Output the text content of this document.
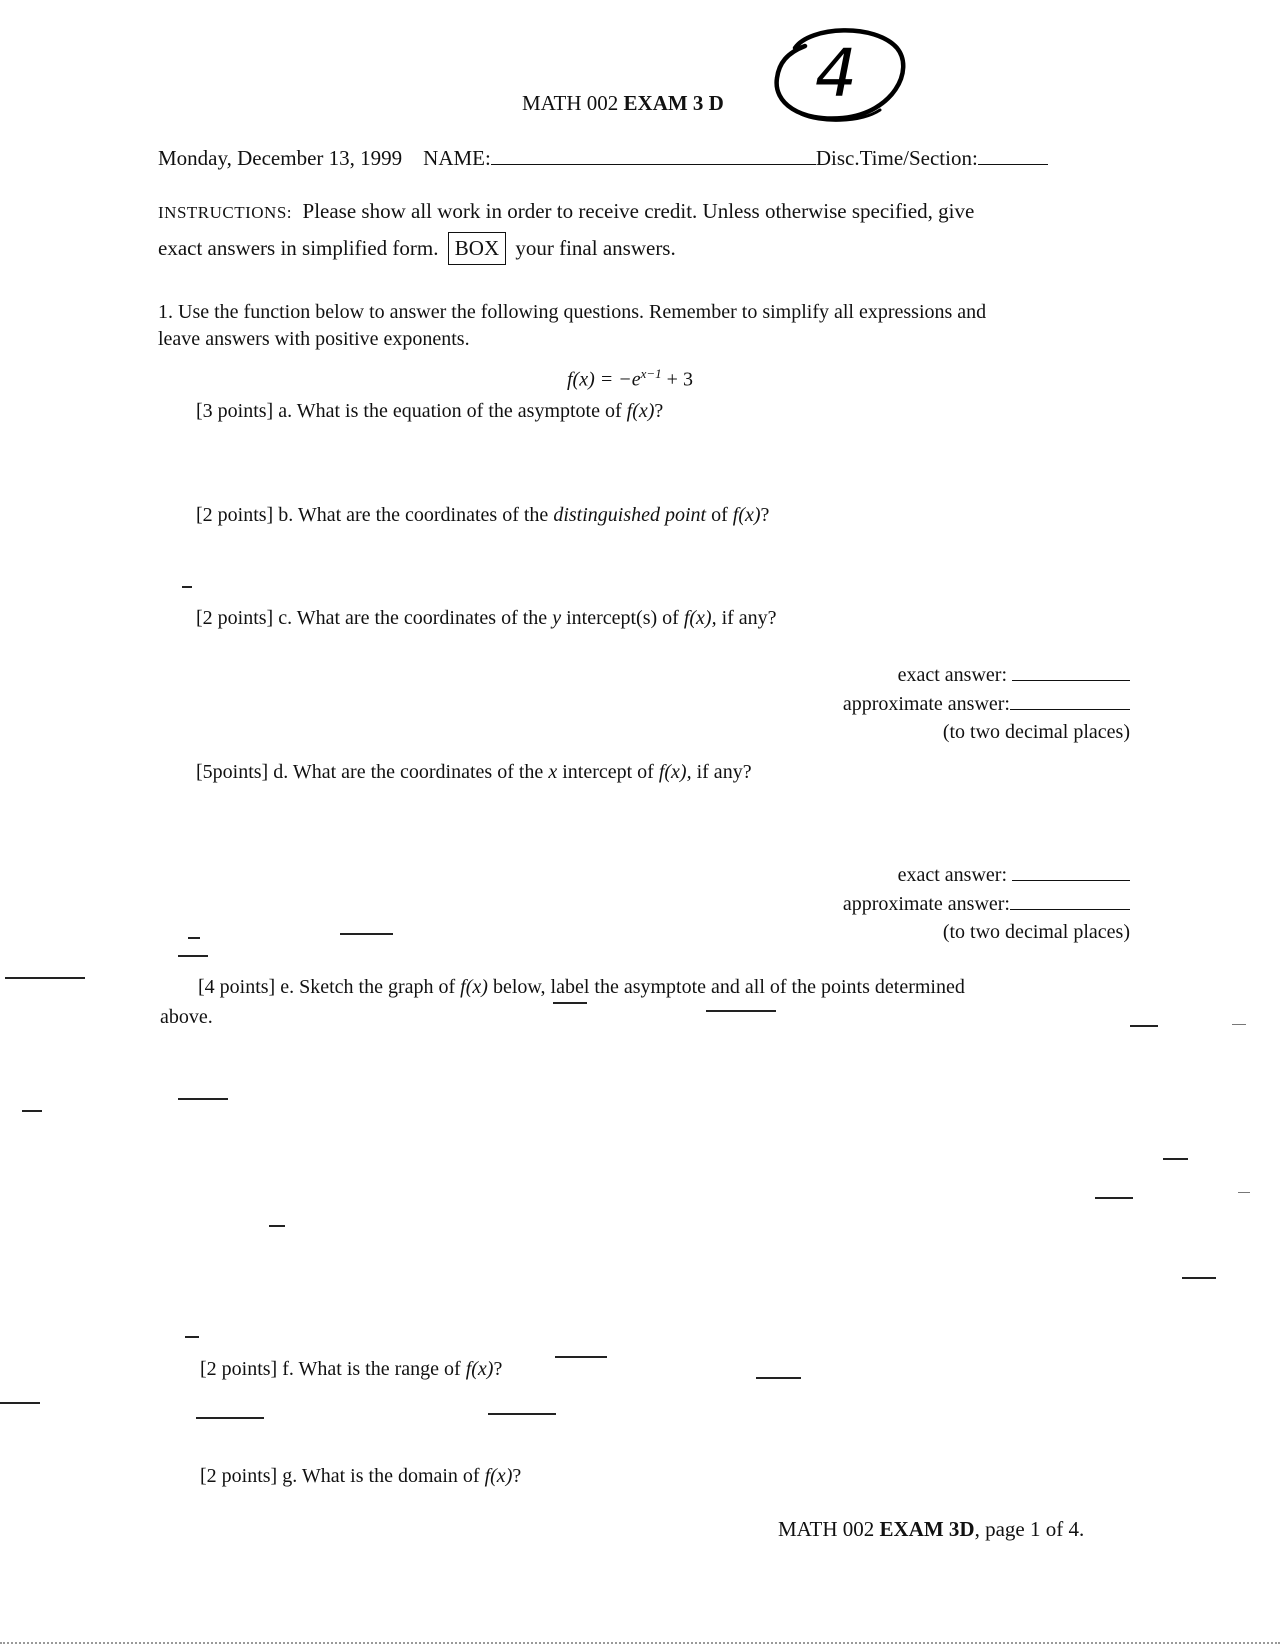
MATH 002 EXAM 3 D 4
Monday, December 13, 1999 NAME:	Disc.Time/Section:
INSTRUCTIONS: Please show all work in order to receive credit. Unless otherwise specified, give
exact answers in simplified form. BOX your final answers.
1. Use the function below to answer the following questions. Remember to simplify all expressions and
leave answers with positive exponents.
$f(x) = -e^{x-1} + 3$
[3 points] a. What is the equation of the asymptote of f(x)?
[2 points] b. What are the coordinates of the distinguished point of f(x)?
[2 points] c. What are the coordinates of the y intercept(s) of f(x), if any?
exact answer:
approximate answer:
(to two decimal places)
[5points] d. What are the coordinates of the x intercept of f(x), if any?
exact answer:
approximate answer:
(to two decimal places)
[4 points] e. Sketch the graph of f(x) below, label the asymptote and all of the points determined
above.
[2 points] f. What is the range of f(x)?
[2 points] g. What is the domain of f(x)?
MATH 002 EXAM 3D, page 1 of 4.
